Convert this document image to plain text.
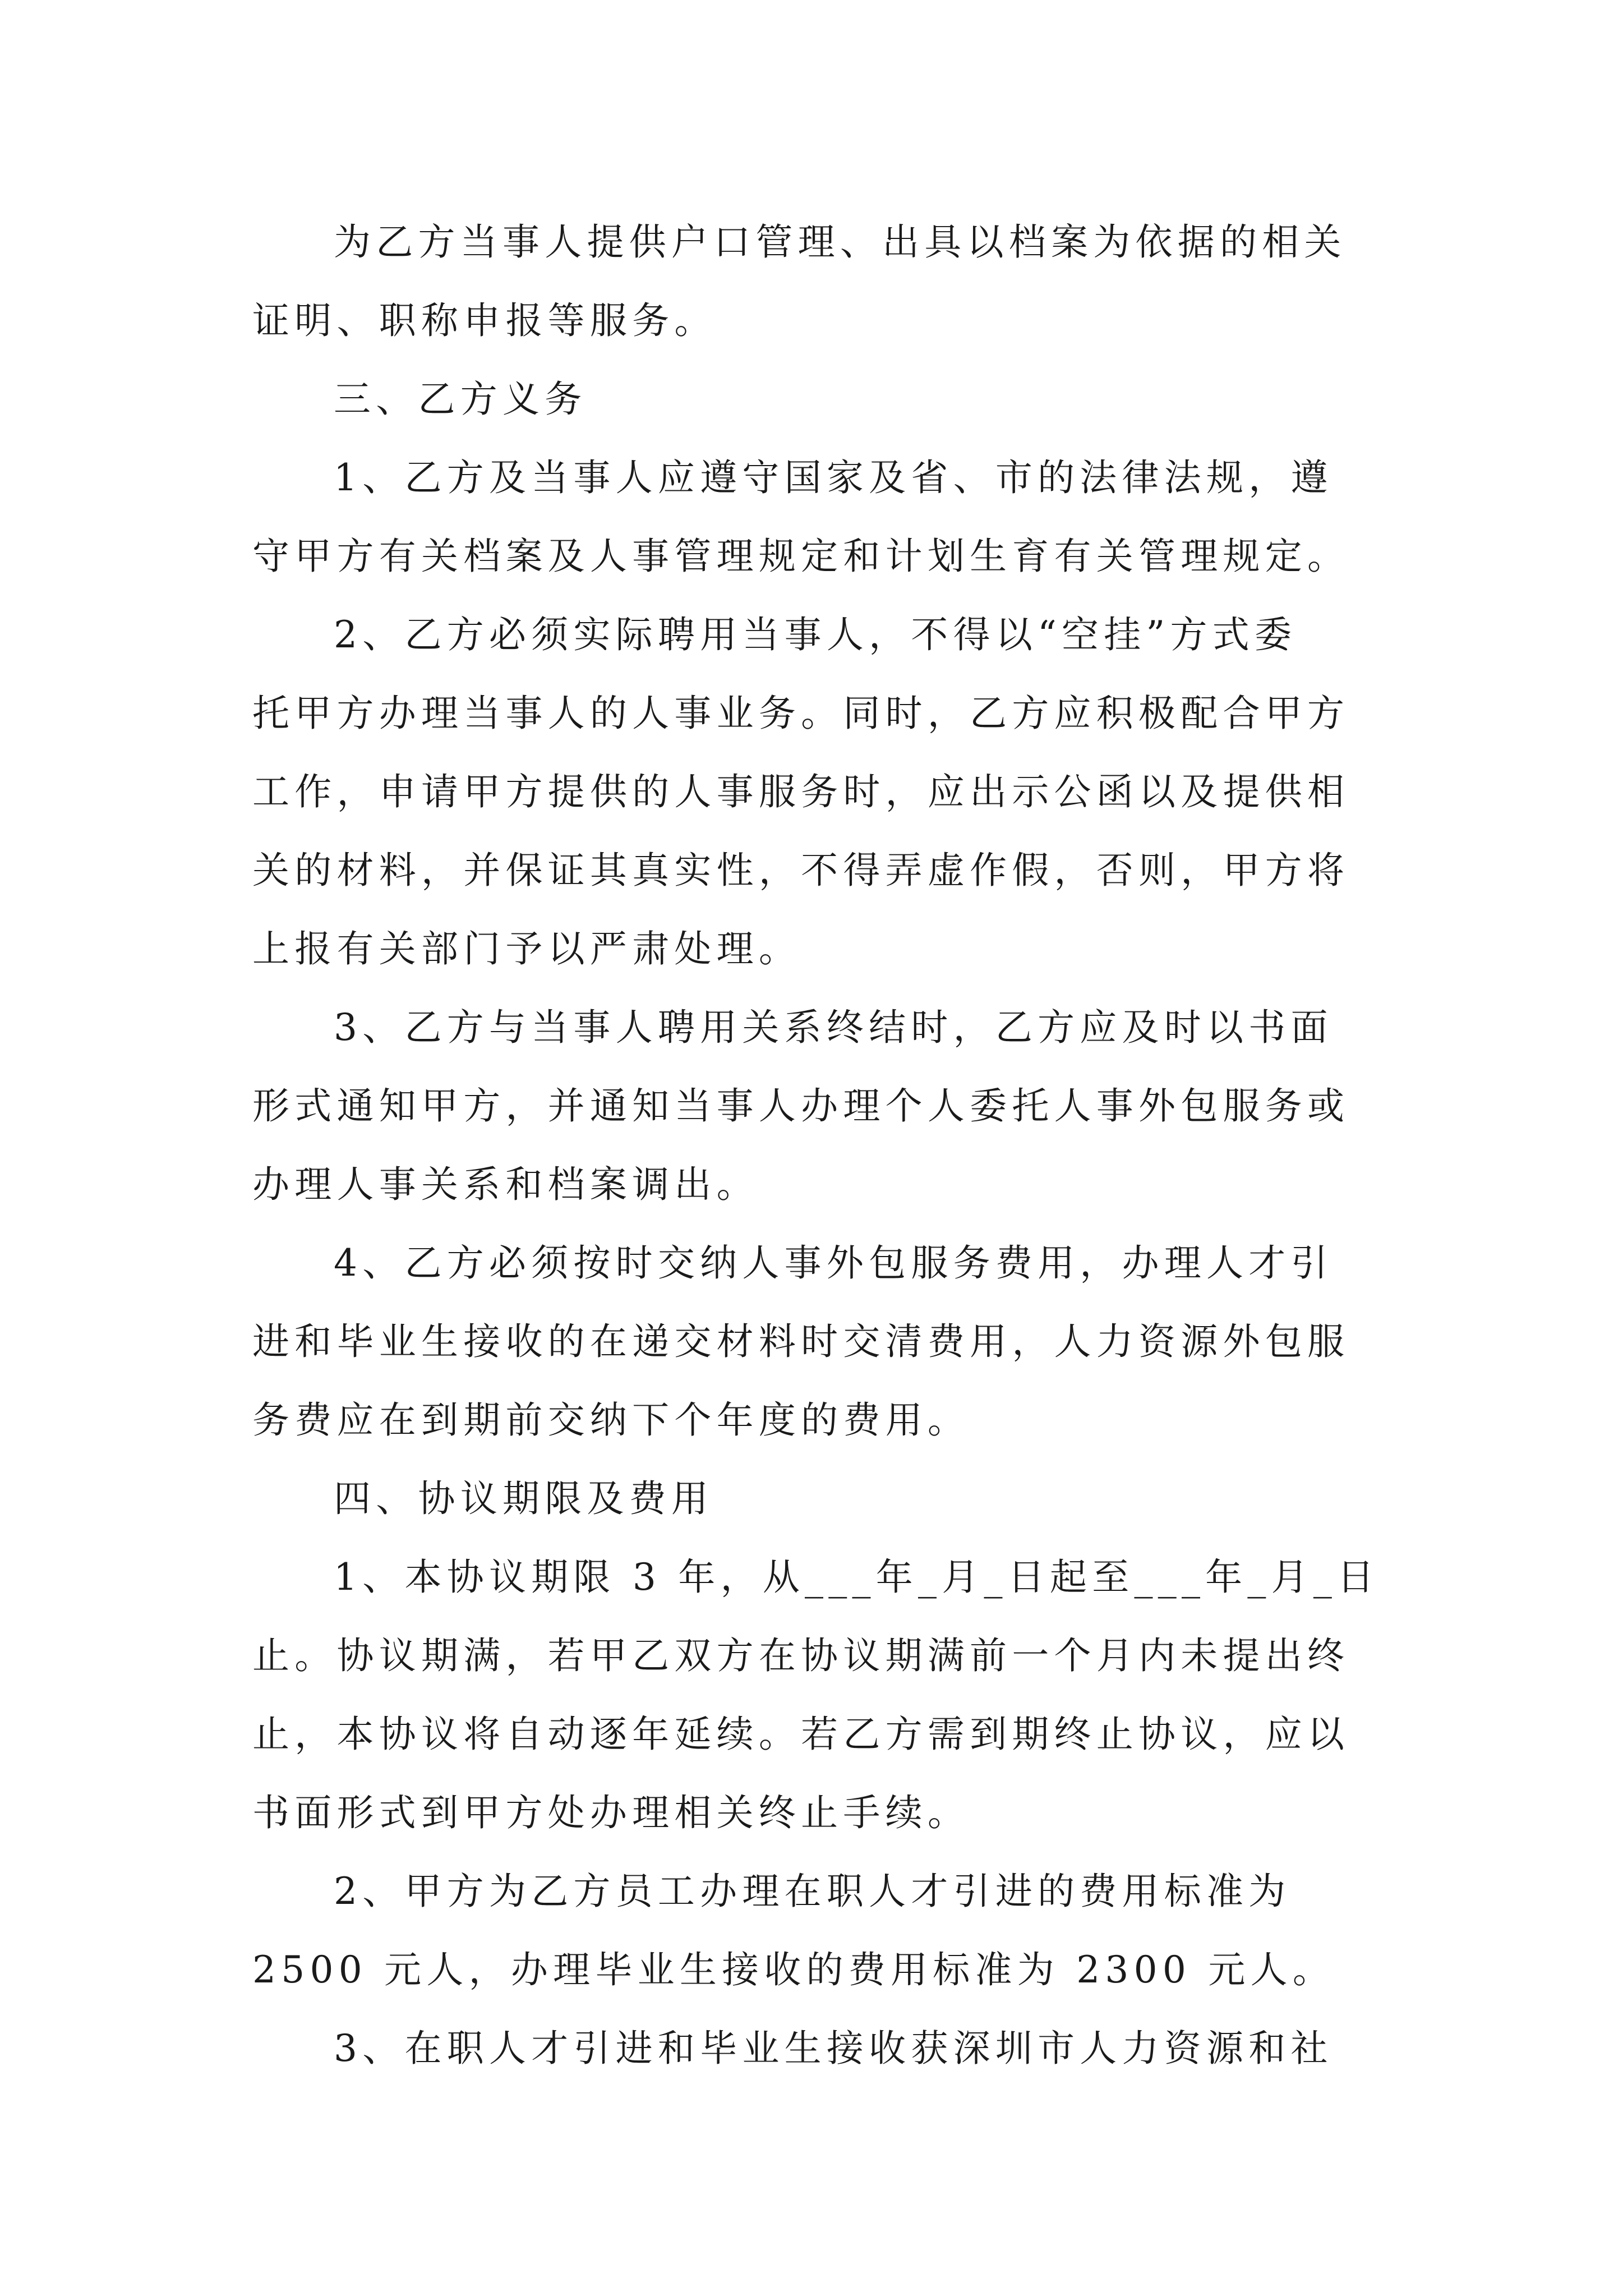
为乙方当事人提供户口管理、出具以档案为依据的相关
证明、职称申报等服务。
三、乙方义务
1、乙方及当事人应遵守国家及省、市的法律法规，遵
守甲方有关档案及人事管理规定和计划生育有关管理规定。
2、乙方必须实际聘用当事人，不得以“空挂”方式委
托甲方办理当事人的人事业务。同时，乙方应积极配合甲方
工作，申请甲方提供的人事服务时，应出示公函以及提供相
关的材料，并保证其真实性，不得弄虚作假，否则，甲方将
上报有关部门予以严肃处理。
3、乙方与当事人聘用关系终结时，乙方应及时以书面
形式通知甲方，并通知当事人办理个人委托人事外包服务或
办理人事关系和档案调出。
4、乙方必须按时交纳人事外包服务费用，办理人才引
进和毕业生接收的在递交材料时交清费用，人力资源外包服
务费应在到期前交纳下个年度的费用。
四、协议期限及费用
1、本协议期限 3 年，从___年_月_日起至___年_月_日
止。协议期满，若甲乙双方在协议期满前一个月内未提出终
止，本协议将自动逐年延续。若乙方需到期终止协议，应以
书面形式到甲方处办理相关终止手续。
2、甲方为乙方员工办理在职人才引进的费用标准为
2500 元人，办理毕业生接收的费用标准为 2300 元人。
3、在职人才引进和毕业生接收获深圳市人力资源和社
